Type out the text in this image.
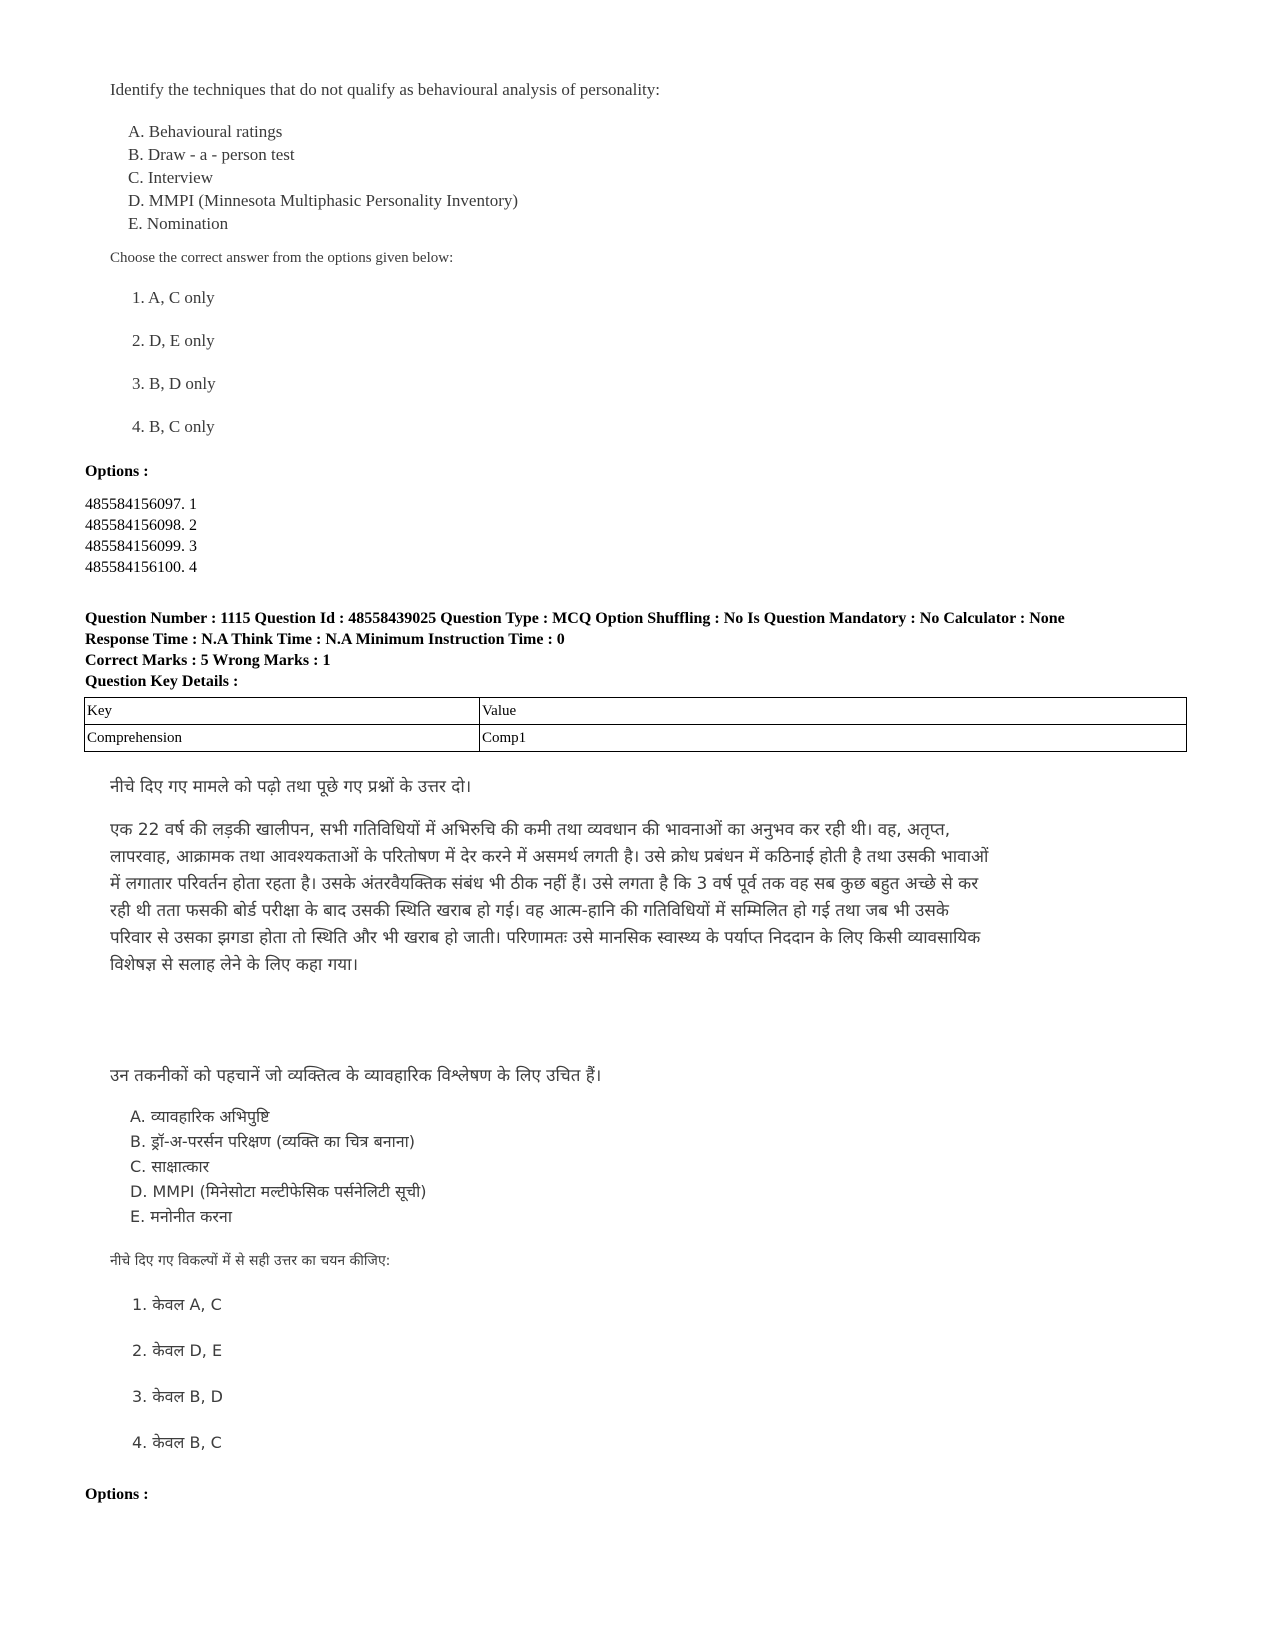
Identify the techniques that do not qualify as behavioural analysis of personality:
A. Behavioural ratings
B. Draw - a - person test
C. Interview
D. MMPI (Minnesota Multiphasic Personality Inventory)
E. Nomination
Choose the correct answer from the options given below:
1. A, C only
2. D, E only
3. B, D only
4. B, C only
Options :
485584156097. 1
485584156098. 2
485584156099. 3
485584156100. 4
Question Number : 1115 Question Id : 48558439025 Question Type : MCQ Option Shuffling : No Is Question Mandatory : No Calculator : None
Response Time : N.A Think Time : N.A Minimum Instruction Time : 0
Correct Marks : 5 Wrong Marks : 1
Question Key Details :
Key	Value
Comprehension	Comp1
नीचे दिए गए मामले को पढ़ो तथा पूछे गए प्रश्नों के उत्तर दो।
एक 22 वर्ष की लड़की खालीपन, सभी गतिविधियों में अभिरुचि की कमी तथा व्यवधान की भावनाओं का अनुभव कर रही थी। वह, अतृप्त, लापरवाह, आक्रामक तथा आवश्यकताओं के परितोषण में देर करने में असमर्थ लगती है। उसे क्रोध प्रबंधन में कठिनाई होती है तथा उसकी भावाओं में लगातार परिवर्तन होता रहता है। उसके अंतरवैयक्तिक संबंध भी ठीक नहीं हैं। उसे लगता है कि 3 वर्ष पूर्व तक वह सब कुछ बहुत अच्छे से कर रही थी तता फसकी बोर्ड परीक्षा के बाद उसकी स्थिति खराब हो गई। वह आत्म-हानि की गतिविधियों में सम्मिलित हो गई तथा जब भी उसके परिवार से उसका झगडा होता तो स्थिति और भी खराब हो जाती। परिणामतः उसे मानसिक स्वास्थ्य के पर्याप्त निददान के लिए किसी व्यावसायिक विशेषज्ञ से सलाह लेने के लिए कहा गया।
उन तकनीकों को पहचानें जो व्यक्तित्व के व्यावहारिक विश्लेषण के लिए उचित हैं।
A. व्यावहारिक अभिपुष्टि
B. ड्रॉ-अ-परर्सन परिक्षण (व्यक्ति का चित्र बनाना)
C. साक्षात्कार
D. MMPI (मिनेसोटा मल्टीफेसिक पर्सनेलिटी सूची)
E. मनोनीत करना
नीचे दिए गए विकल्पों में से सही उत्तर का चयन कीजिए:
1. केवल A, C
2. केवल D, E
3. केवल B, D
4. केवल B, C
Options :
